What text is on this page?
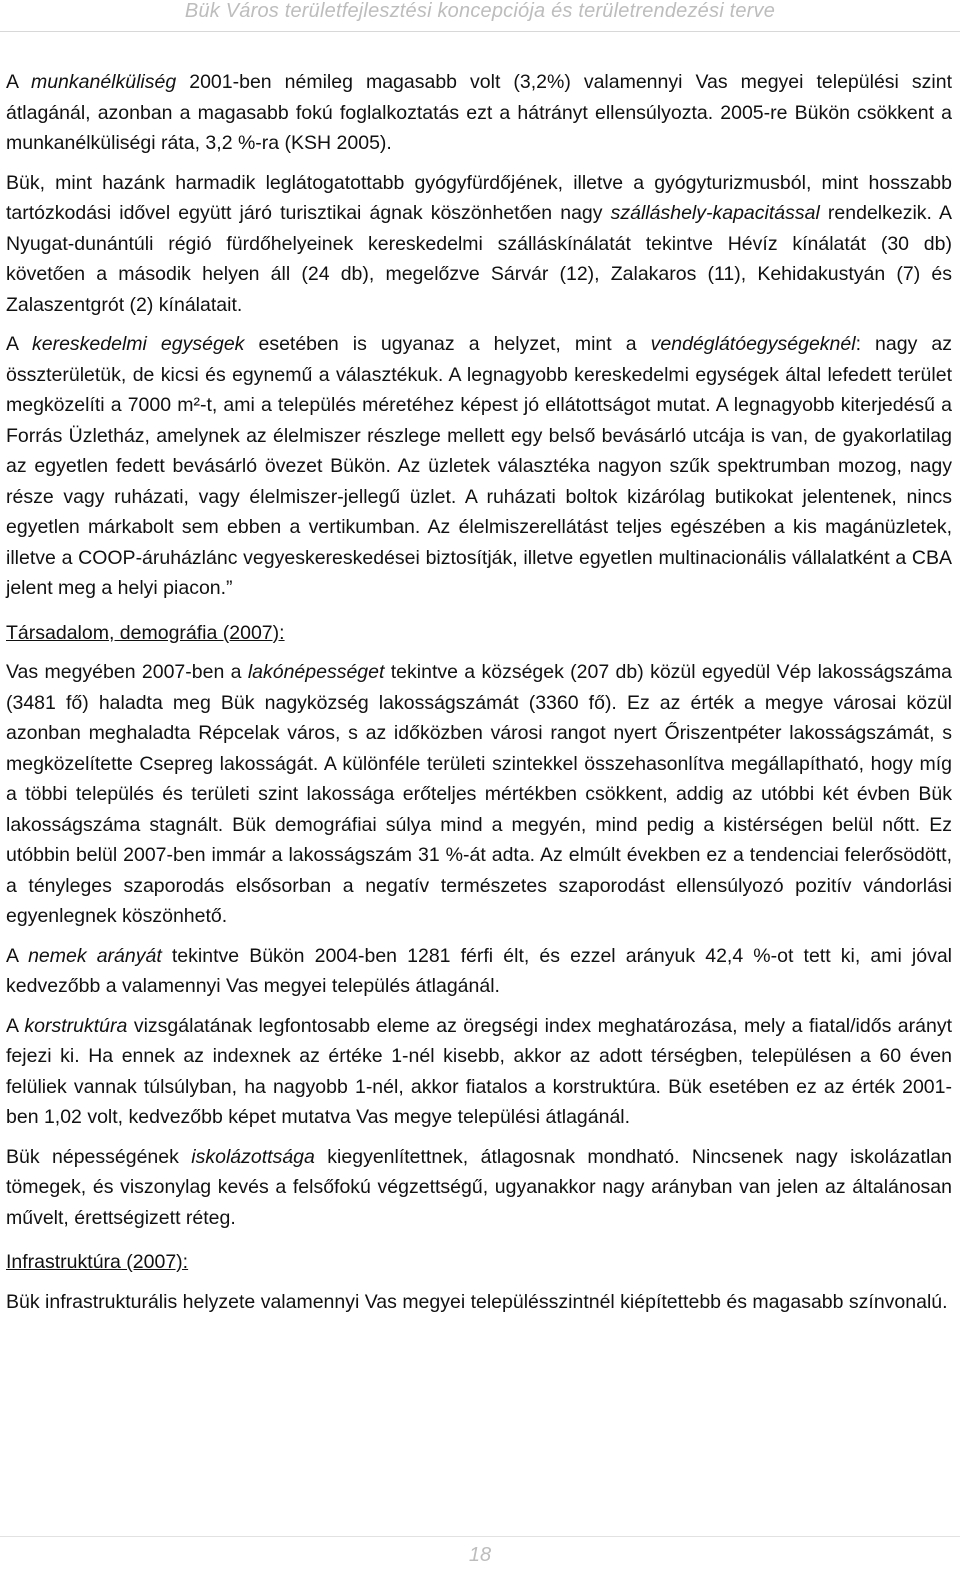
Bük Város területfejlesztési koncepciója és területrendezési terve

A munkanélküliség 2001-ben némileg magasabb volt (3,2%) valamennyi Vas megyei települési szint átlagánál, azonban a magasabb fokú foglalkoztatás ezt a hátrányt ellensúlyozta. 2005-re Bükön csökkent a munkanélküliségi ráta, 3,2 %-ra (KSH 2005).

Bük, mint hazánk harmadik leglátogatottabb gyógyfürdőjének, illetve a gyógyturizmusból, mint hosszabb tartózkodási idővel együtt járó turisztikai ágnak köszönhetően nagy szálláshely-kapacitással rendelkezik. A Nyugat-dunántúli régió fürdőhelyeinek kereskedelmi szálláskínálatát tekintve Hévíz kínálatát (30 db) követően a második helyen áll (24 db), megelőzve Sárvár (12), Zalakaros (11), Kehidakustyán (7) és Zalaszentgrót (2) kínálatait.

A kereskedelmi egységek esetében is ugyanaz a helyzet, mint a vendéglátóegységeknél: nagy az összterületük, de kicsi és egynemű a választékuk. A legnagyobb kereskedelmi egységek által lefedett terület megközelíti a 7000 m²-t, ami a település méretéhez képest jó ellátottságot mutat. A legnagyobb kiterjedésű a Forrás Üzletház, amelynek az élelmiszer részlege mellett egy belső bevásárló utcája is van, de gyakorlatilag az egyetlen fedett bevásárló övezet Bükön. Az üzletek választéka nagyon szűk spektrumban mozog, nagy része vagy ruházati, vagy élelmiszer-jellegű üzlet. A ruházati boltok kizárólag butikokat jelentenek, nincs egyetlen márkabolt sem ebben a vertikumban. Az élelmiszerellátást teljes egészében a kis magánüzletek, illetve a COOP-áruházlánc vegyeskereskedései biztosítják, illetve egyetlen multinacionális vállalatként a CBA jelent meg a helyi piacon.”

Társadalom, demográfia (2007):

Vas megyében 2007-ben a lakónépességet tekintve a községek (207 db) közül egyedül Vép lakosságszáma (3481 fő) haladta meg Bük nagyközség lakosságszámát (3360 fő). Ez az érték a megye városai közül azonban meghaladta Répcelak város, s az időközben városi rangot nyert Őriszentpéter lakosságszámát, s megközelítette Csepreg lakosságát. A különféle területi szintekkel összehasonlítva megállapítható, hogy míg a többi település és területi szint lakossága erőteljes mértékben csökkent, addig az utóbbi két évben Bük lakosságszáma stagnált. Bük demográfiai súlya mind a megyén, mind pedig a kistérségen belül nőtt. Ez utóbbin belül 2007-ben immár a lakosságszám 31 %-át adta. Az elmúlt években ez a tendenciai felerősödött, a tényleges szaporodás elsősorban a negatív természetes szaporodást ellensúlyozó pozitív vándorlási egyenlegnek köszönhető.

A nemek arányát tekintve Bükön 2004-ben 1281 férfi élt, és ezzel arányuk 42,4 %-ot tett ki, ami jóval kedvezőbb a valamennyi Vas megyei település átlagánál.

A korstruktúra vizsgálatának legfontosabb eleme az öregségi index meghatározása, mely a fiatal/idős arányt fejezi ki. Ha ennek az indexnek az értéke 1-nél kisebb, akkor az adott térségben, településen a 60 éven felüliek vannak túlsúlyban, ha nagyobb 1-nél, akkor fiatalos a korstruktúra. Bük esetében ez az érték 2001-ben 1,02 volt, kedvezőbb képet mutatva Vas megye települési átlagánál.

Bük népességének iskolázottsága kiegyenlítettnek, átlagosnak mondható. Nincsenek nagy iskolázatlan tömegek, és viszonylag kevés a felsőfokú végzettségű, ugyanakkor nagy arányban van jelen az általánosan művelt, érettségizett réteg.

Infrastruktúra (2007):

Bük infrastrukturális helyzete valamennyi Vas megyei településszintnél kiépítettebb és magasabb színvonalú.

18
